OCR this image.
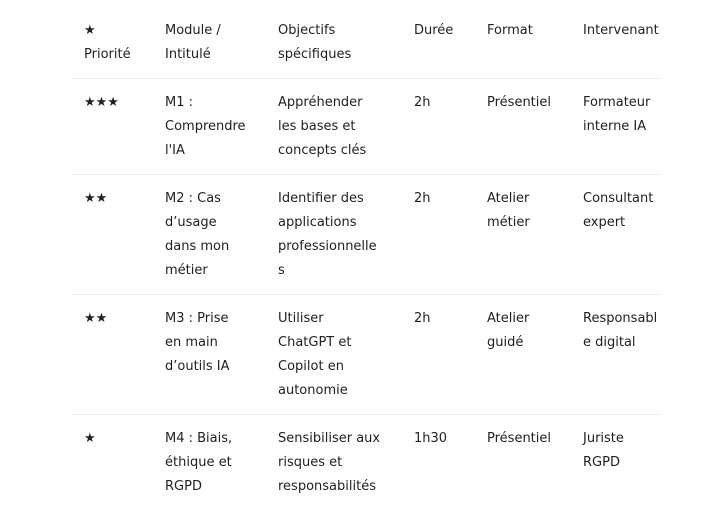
★ Priorité	Module / Intitulé	Objectifs spécifiques	Durée	Format	Intervenant
★★★	M1 : Comprendre l'IA	Appréhender les bases et concepts clés	2h	Présentiel	Formateur interne IA

★★	M2 : Cas d’usage dans mon métier	Identifier des applications professionnelles	2h	Atelier métier	Consultant expert

★★	M3 : Prise en main d’outils IA	Utiliser ChatGPT et Copilot en autonomie	2h	Atelier guidé	Responsable digital

★	M4 : Biais, éthique et RGPD	Sensibiliser aux risques et responsabilités	1h30	Présentiel	Juriste RGPD
